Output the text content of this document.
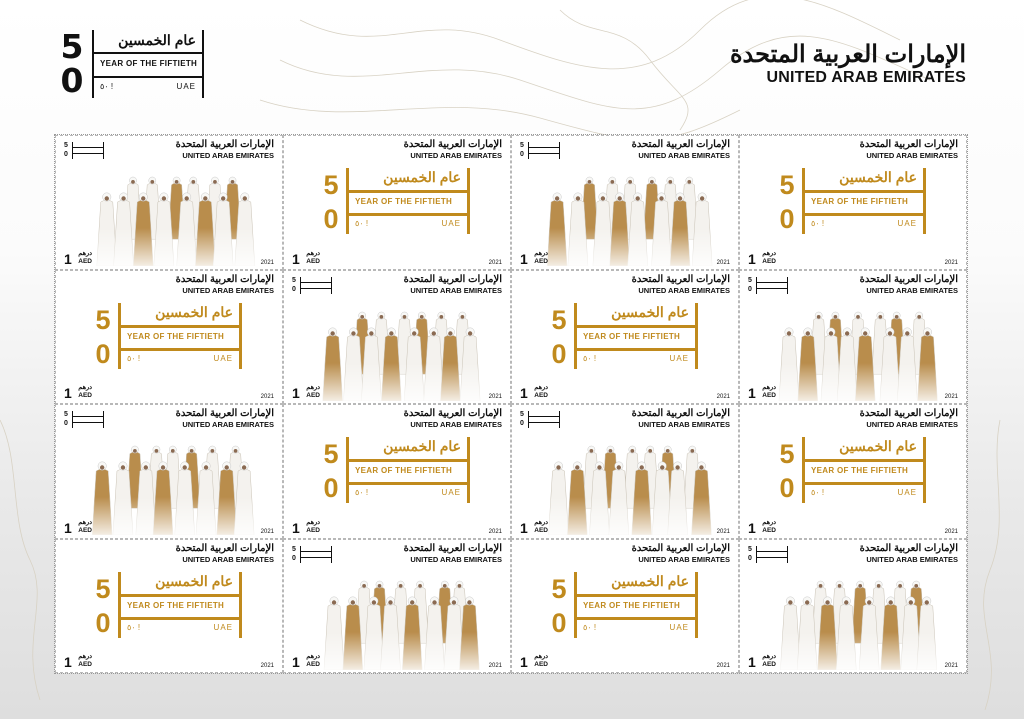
5
0
عام الخمسين
YEAR OF THE FIFTIETH
٥٠ !	UAE
الإمارات العربية المتحدة
UNITED ARAB EMIRATES
5
0
الإمارات العربية المتحدة
UNITED ARAB EMIRATES
1 درهم
AED	2021
5
0
عام الخمسين
YEAR OF THE FIFTIETH
٥٠ !	UAE
الإمارات العربية المتحدة
UNITED ARAB EMIRATES
1 درهم
AED	2021
5
0
الإمارات العربية المتحدة
UNITED ARAB EMIRATES
1 درهم
AED	2021
5
0
عام الخمسين
YEAR OF THE FIFTIETH
٥٠ !	UAE
الإمارات العربية المتحدة
UNITED ARAB EMIRATES
1 درهم
AED	2021
5
0
عام الخمسين
YEAR OF THE FIFTIETH
٥٠ !	UAE
الإمارات العربية المتحدة
UNITED ARAB EMIRATES
1 درهم
AED	2021
5
0
الإمارات العربية المتحدة
UNITED ARAB EMIRATES
1 درهم
AED	2021
5
0
عام الخمسين
YEAR OF THE FIFTIETH
٥٠ !	UAE
الإمارات العربية المتحدة
UNITED ARAB EMIRATES
1 درهم
AED	2021
5
0
الإمارات العربية المتحدة
UNITED ARAB EMIRATES
1 درهم
AED	2021
5
0
الإمارات العربية المتحدة
UNITED ARAB EMIRATES
1 درهم
AED	2021
5
0
عام الخمسين
YEAR OF THE FIFTIETH
٥٠ !	UAE
الإمارات العربية المتحدة
UNITED ARAB EMIRATES
1 درهم
AED	2021
5
0
الإمارات العربية المتحدة
UNITED ARAB EMIRATES
1 درهم
AED	2021
5
0
عام الخمسين
YEAR OF THE FIFTIETH
٥٠ !	UAE
الإمارات العربية المتحدة
UNITED ARAB EMIRATES
1 درهم
AED	2021
5
0
عام الخمسين
YEAR OF THE FIFTIETH
٥٠ !	UAE
الإمارات العربية المتحدة
UNITED ARAB EMIRATES
1 درهم
AED	2021
5
0
الإمارات العربية المتحدة
UNITED ARAB EMIRATES
1 درهم
AED	2021
5
0
عام الخمسين
YEAR OF THE FIFTIETH
٥٠ !	UAE
الإمارات العربية المتحدة
UNITED ARAB EMIRATES
1 درهم
AED	2021
5
0
الإمارات العربية المتحدة
UNITED ARAB EMIRATES
1 درهم
AED	2021
